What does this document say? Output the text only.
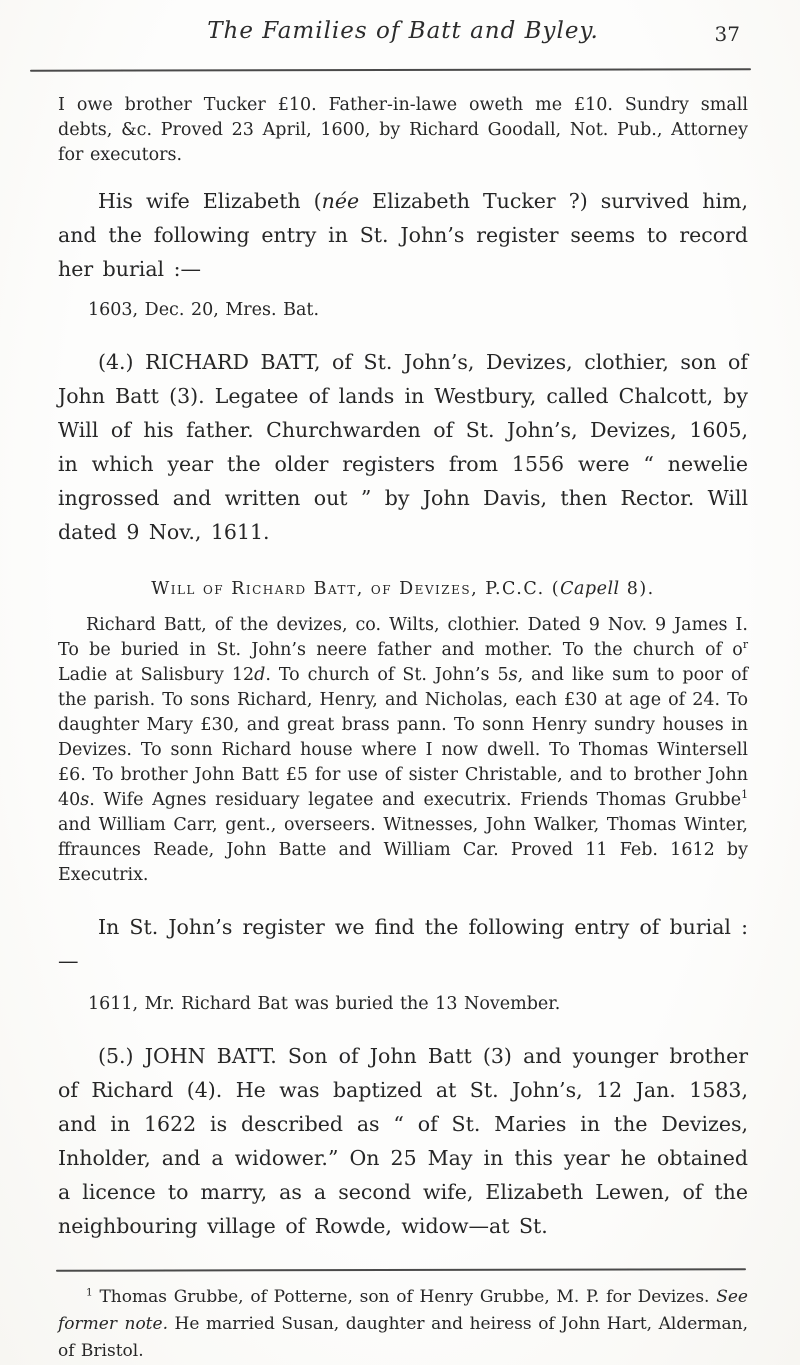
The Families of Batt and Byley.	37

I owe brother Tucker £10. Father-in-lawe oweth me £10. Sundry small debts, &c. Proved 23 April, 1600, by Richard Goodall, Not. Pub., Attorney for executors.

His wife Elizabeth (née Elizabeth Tucker ?) survived him, and the following entry in St. John’s register seems to record her burial :—

1603, Dec. 20, Mres. Bat.

(4.) RICHARD BATT, of St. John’s, Devizes, clothier, son of John Batt (3). Legatee of lands in Westbury, called Chalcott, by Will of his father. Churchwarden of St. John’s, Devizes, 1605, in which year the older registers from 1556 were “ newelie ingrossed and written out ” by John Davis, then Rector. Will dated 9 Nov., 1611.

Will of Richard Batt, of Devizes, P.C.C. (Capell 8).

Richard Batt, of the devizes, co. Wilts, clothier. Dated 9 Nov. 9 James I. To be buried in St. John’s neere father and mother. To the church of $o^r$ Ladie at Salisbury 12d. To church of St. John’s 5s, and like sum to poor of the parish. To sons Richard, Henry, and Nicholas, each £30 at age of 24. To daughter Mary £30, and great brass pann. To sonn Henry sundry houses in Devizes. To sonn Richard house where I now dwell. To Thomas Wintersell £6. To brother John Batt £5 for use of sister Christable, and to brother John 40s. Wife Agnes residuary legatee and executrix. Friends Thomas Grubbe$^1$ and William Carr, gent., overseers. Witnesses, John Walker, Thomas Winter, ffraunces Reade, John Batte and William Car. Proved 11 Feb. 1612 by Executrix.

In St. John’s register we find the following entry of burial :—

1611, Mr. Richard Bat was buried the 13 November.

(5.) JOHN BATT. Son of John Batt (3) and younger brother of Richard (4). He was baptized at St. John’s, 12 Jan. 1583, and in 1622 is described as “ of St. Maries in the Devizes, Inholder, and a widower.” On 25 May in this year he obtained a licence to marry, as a second wife, Elizabeth Lewen, of the neighbouring village of Rowde, widow—at St.

$^1$ Thomas Grubbe, of Potterne, son of Henry Grubbe, M. P. for Devizes. See former note. He married Susan, daughter and heiress of John Hart, Alderman, of Bristol.
